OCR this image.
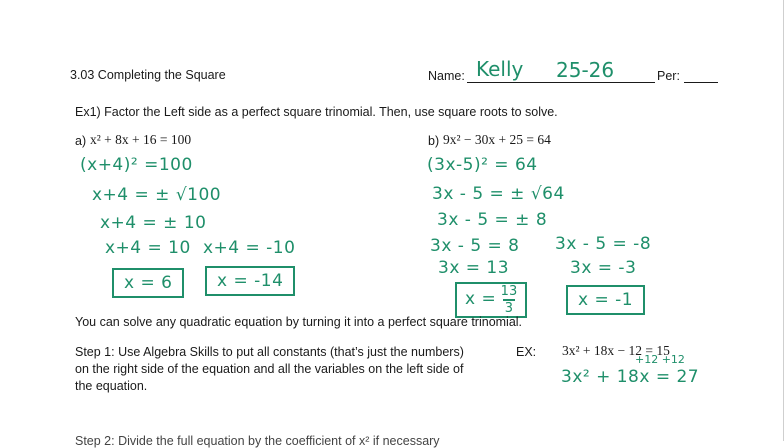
3.03 Completing the Square	Name: Kelly 25-26	Per:
Ex1) Factor the Left side as a perfect square trinomial. Then, use square roots to solve.
a) x² + 8x + 16 = 100
(x+4)² =100
x+4 = ± √100
x+4 = ± 10
x+4 = 10 x+4 = -10
x = 6	x = -14
b) 9x² − 30x + 25 = 64
(3x-5)² = 64
3x - 5 = ± √64
3x - 5 = ± 8
3x - 5 = 8 3x - 5 = -8
3x = 13	3x = -3
$x = \frac{13}{3}$	x = -1
You can solve any quadratic equation by turning it into a perfect square trinomial.
Step 1: Use Algebra Skills to put all constants (that’s just the numbers)
on the right side of the equation and all the variables on the left side of
the equation.
EX: 3x² + 18x − 12 = 15
+12 +12
3x² + 18x = 27
Step 2: Divide the full equation by the coefficient of x² if necessary
